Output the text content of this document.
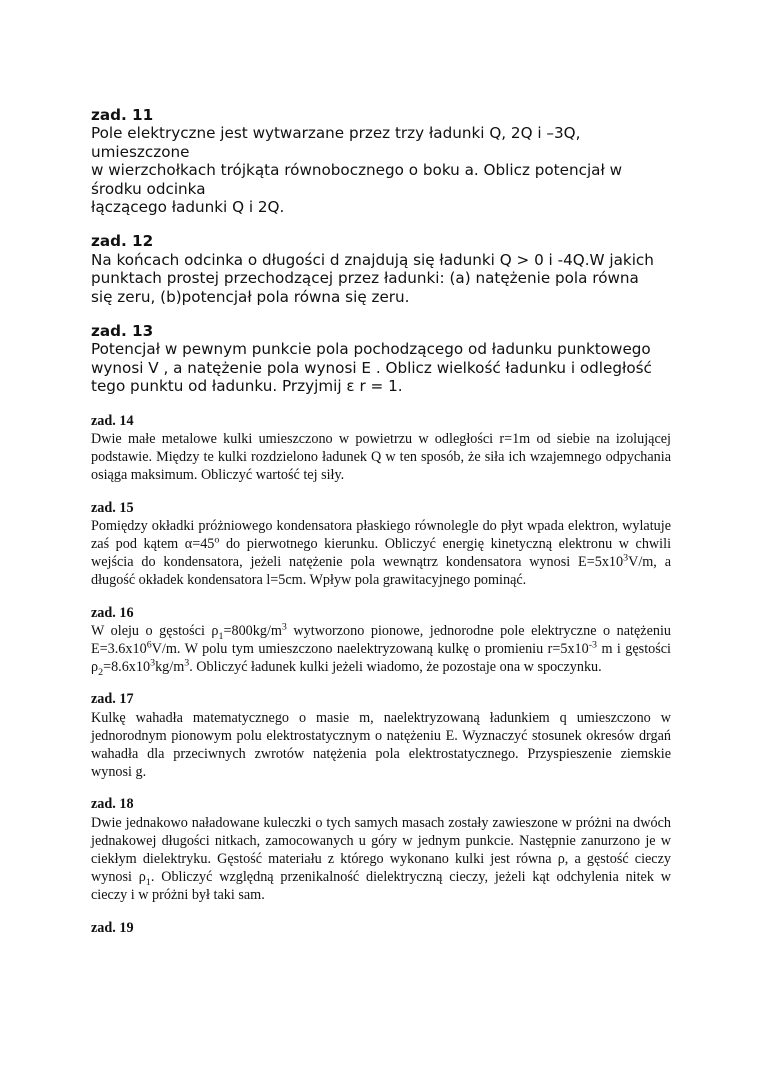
zad. 11

Pole elektryczne jest wytwarzane przez trzy ładunki Q, 2Q i –3Q,

umieszczone

w wierzchołkach trójkąta równobocznego o boku a. Oblicz potencjał w

środku odcinka

łączącego ładunki Q i 2Q.

zad. 12

Na końcach odcinka o długości d znajdują się ładunki Q > 0 i -4Q.W jakich

punktach prostej przechodzącej przez ładunki: (a) natężenie pola równa

się zeru, (b)potencjał pola równa się zeru.

zad. 13

Potencjał w pewnym punkcie pola pochodzącego od ładunku punktowego

wynosi V , a natężenie pola wynosi E . Oblicz wielkość ładunku i odległość

tego punktu od ładunku. Przyjmij ε r = 1.

zad. 14
Dwie małe metalowe kulki umieszczono w powietrzu w odległości r=1m od siebie na izolującej podstawie. Między te kulki rozdzielono ładunek Q w ten sposób, że siła ich wzajemnego odpychania osiąga maksimum. Obliczyć wartość tej siły.
zad. 15
Pomiędzy okładki próżniowego kondensatora płaskiego równolegle do płyt wpada elektron, wylatuje zaś pod kątem $\alpha=45^o$ do pierwotnego kierunku. Obliczyć energię kinetyczną elektronu w chwili wejścia do kondensatora, jeżeli natężenie pola wewnątrz kondensatora wynosi $E=5x10^3V/m$, a długość okładek kondensatora l=5cm. Wpływ pola grawitacyjnego pominąć.
zad. 16
W oleju o gęstości $\rho_1=800kg/m^3$ wytworzono pionowe, jednorodne pole elektryczne o natężeniu $E=3.6x10^6V/m$. W polu tym umieszczono naelektryzowaną kulkę o promieniu $r=5x10^{-3}$ m i gęstości $\rho_2=8.6x10^3kg/m^3$. Obliczyć ładunek kulki jeżeli wiadomo, że pozostaje ona w spoczynku.
zad. 17
Kulkę wahadła matematycznego o masie m, naelektryzowaną ładunkiem q umieszczono w jednorodnym pionowym polu elektrostatycznym o natężeniu E. Wyznaczyć stosunek okresów drgań wahadła dla przeciwnych zwrotów natężenia pola elektrostatycznego. Przyspieszenie ziemskie wynosi g.
zad. 18
Dwie jednakowo naładowane kuleczki o tych samych masach zostały zawieszone w próżni na dwóch jednakowej długości nitkach, zamocowanych u góry w jednym punkcie. Następnie zanurzono je w ciekłym dielektryku. Gęstość materiału z którego wykonano kulki jest równa ρ, a gęstość cieczy wynosi $\rho_1$. Obliczyć względną przenikalność dielektryczną cieczy, jeżeli kąt odchylenia nitek w cieczy i w próżni był taki sam.
zad. 19
